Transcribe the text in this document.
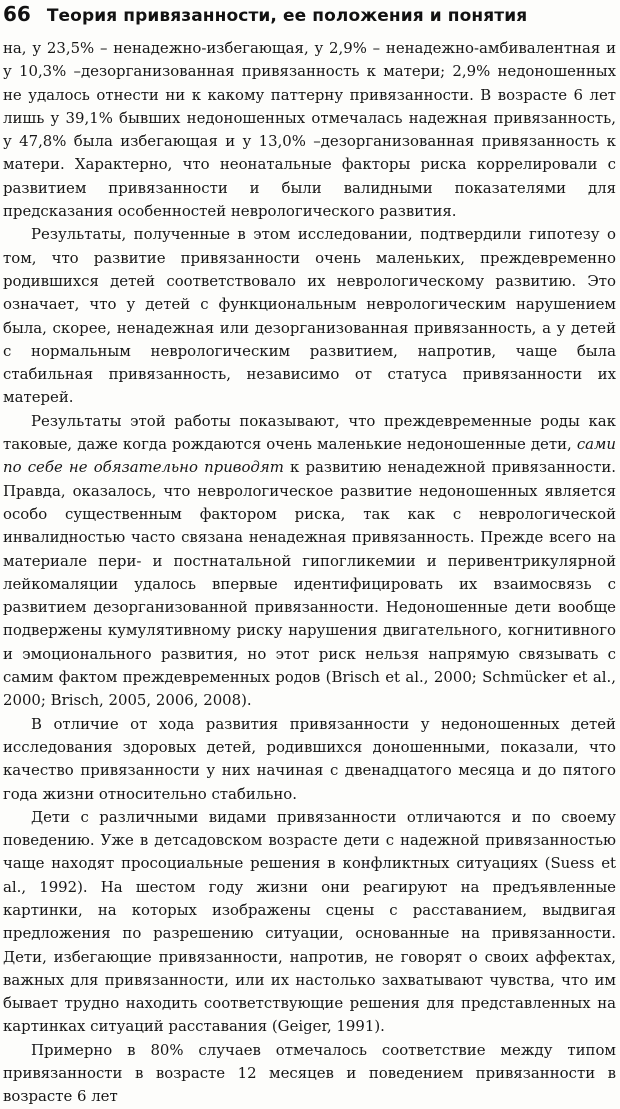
66 Теория привязанности, ее положения и понятия

на, у 23,5% – ненадежно-избегающая, у 2,9% – ненадежно-амбивалентная и у 10,3% –дезорганизованная привязанность к матери; 2,9% недоношенных не удалось отнести ни к какому паттерну привязанности. В возрасте 6 лет лишь у 39,1% бывших недоношенных отмечалась надежная привязанность, у 47,8% была избегающая и у 13,0% –дезорганизованная привязанность к матери. Характерно, что неонатальные факторы риска коррелировали с развитием привязанности и были валидными показателями для предсказания особенностей неврологического развития.

Результаты, полученные в этом исследовании, подтвердили гипотезу о том, что развитие привязанности очень маленьких, преждевременно родившихся детей соответствовало их неврологическому развитию. Это означает, что у детей с функциональным неврологическим нарушением была, скорее, ненадежная или дезорганизованная привязанность, а у детей с нормальным неврологическим развитием, напротив, чаще была стабильная привязанность, независимо от статуса привязанности их матерей.

Результаты этой работы показывают, что преждевременные роды как таковые, даже когда рождаются очень маленькие недоношенные дети, сами по себе не обязательно приводят к развитию ненадежной привязанности. Правда, оказалось, что неврологическое развитие недоношенных является особо существенным фактором риска, так как с неврологической инвалидностью часто связана ненадежная привязанность. Прежде всего на материале пери- и постнатальной гипогликемии и перивентрикулярной лейкомаляции удалось впервые идентифицировать их взаимосвязь с развитием дезорганизованной привязанности. Недоношенные дети вообще подвержены кумулятивному риску нарушения двигательного, когнитивного и эмоционального развития, но этот риск нельзя напрямую связывать с самим фактом преждевременных родов (Brisch et al., 2000; Schmücker et al., 2000; Brisch, 2005, 2006, 2008).

В отличие от хода развития привязанности у недоношенных детей исследования здоровых детей, родившихся доношенными, показали, что качество привязанности у них начиная с двенадцатого месяца и до пятого года жизни относительно стабильно.

Дети с различными видами привязанности отличаются и по своему поведению. Уже в детсадовском возрасте дети с надежной привязанностью чаще находят просоциальные решения в конфликтных ситуациях (Suess et al., 1992). На шестом году жизни они реагируют на предъявленные картинки, на которых изображены сцены с расставанием, выдвигая предложения по разрешению ситуации, основанные на привязанности. Дети, избегающие привязанности, напротив, не говорят о своих аффектах, важных для привязанности, или их настолько захватывают чувства, что им бывает трудно находить соответствующие решения для представленных на картинках ситуаций расставания (Geiger, 1991).

Примерно в 80% случаев отмечалось соответствие между типом привязанности в возрасте 12 месяцев и поведением привязанности в возрасте 6 лет
